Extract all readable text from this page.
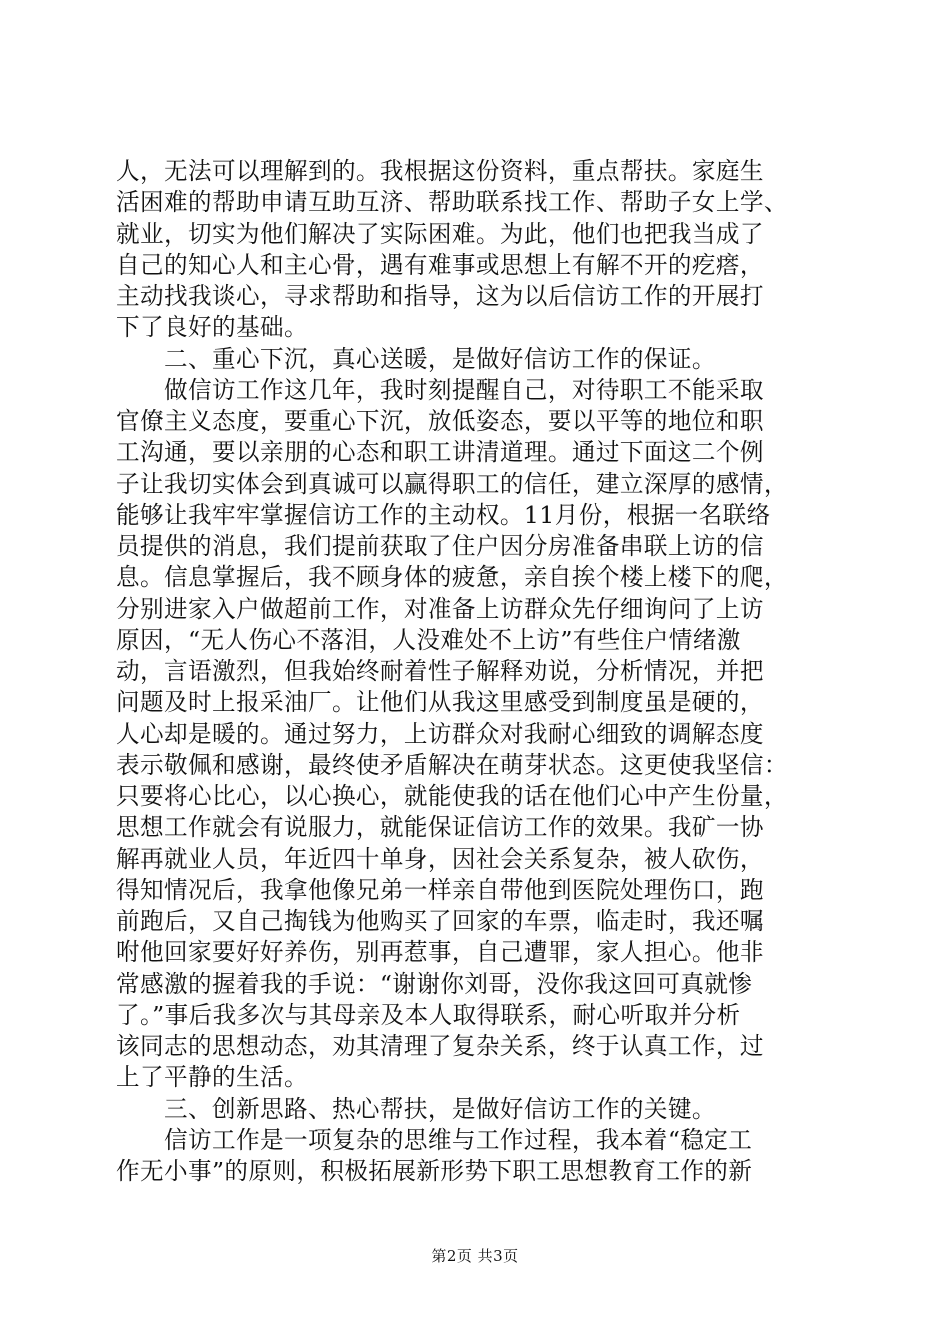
人，无法可以理解到的。我根据这份资料，重点帮扶。家庭生
活困难的帮助申请互助互济、帮助联系找工作、帮助子女上学、
就业，切实为他们解决了实际困难。为此，他们也把我当成了
自己的知心人和主心骨，遇有难事或思想上有解不开的疙瘩，
主动找我谈心，寻求帮助和指导，这为以后信访工作的开展打
下了良好的基础。
　　二、重心下沉，真心送暖，是做好信访工作的保证。
　　做信访工作这几年，我时刻提醒自己，对待职工不能采取
官僚主义态度，要重心下沉，放低姿态，要以平等的地位和职
工沟通，要以亲朋的心态和职工讲清道理。通过下面这二个例
子让我切实体会到真诚可以赢得职工的信任，建立深厚的感情，
能够让我牢牢掌握信访工作的主动权。11月份，根据一名联络
员提供的消息，我们提前获取了住户因分房准备串联上访的信
息。信息掌握后，我不顾身体的疲惫，亲自挨个楼上楼下的爬，
分别进家入户做超前工作，对准备上访群众先仔细询问了上访
原因，“无人伤心不落泪，人没难处不上访”有些住户情绪激
动，言语激烈，但我始终耐着性子解释劝说，分析情况，并把
问题及时上报采油厂。让他们从我这里感受到制度虽是硬的，
人心却是暖的。通过努力，上访群众对我耐心细致的调解态度
表示敬佩和感谢，最终使矛盾解决在萌芽状态。这更使我坚信：
只要将心比心，以心换心，就能使我的话在他们心中产生份量，
思想工作就会有说服力，就能保证信访工作的效果。我矿一协
解再就业人员，年近四十单身，因社会关系复杂，被人砍伤，
得知情况后，我拿他像兄弟一样亲自带他到医院处理伤口，跑
前跑后，又自己掏钱为他购买了回家的车票，临走时，我还嘱
咐他回家要好好养伤，别再惹事，自己遭罪，家人担心。他非
常感激的握着我的手说：“谢谢你刘哥，没你我这回可真就惨
了。”事后我多次与其母亲及本人取得联系，耐心听取并分析
该同志的思想动态，劝其清理了复杂关系，终于认真工作，过
上了平静的生活。
　　三、创新思路、热心帮扶，是做好信访工作的关键。
　　信访工作是一项复杂的思维与工作过程，我本着“稳定工
作无小事”的原则，积极拓展新形势下职工思想教育工作的新
第2页 共3页
